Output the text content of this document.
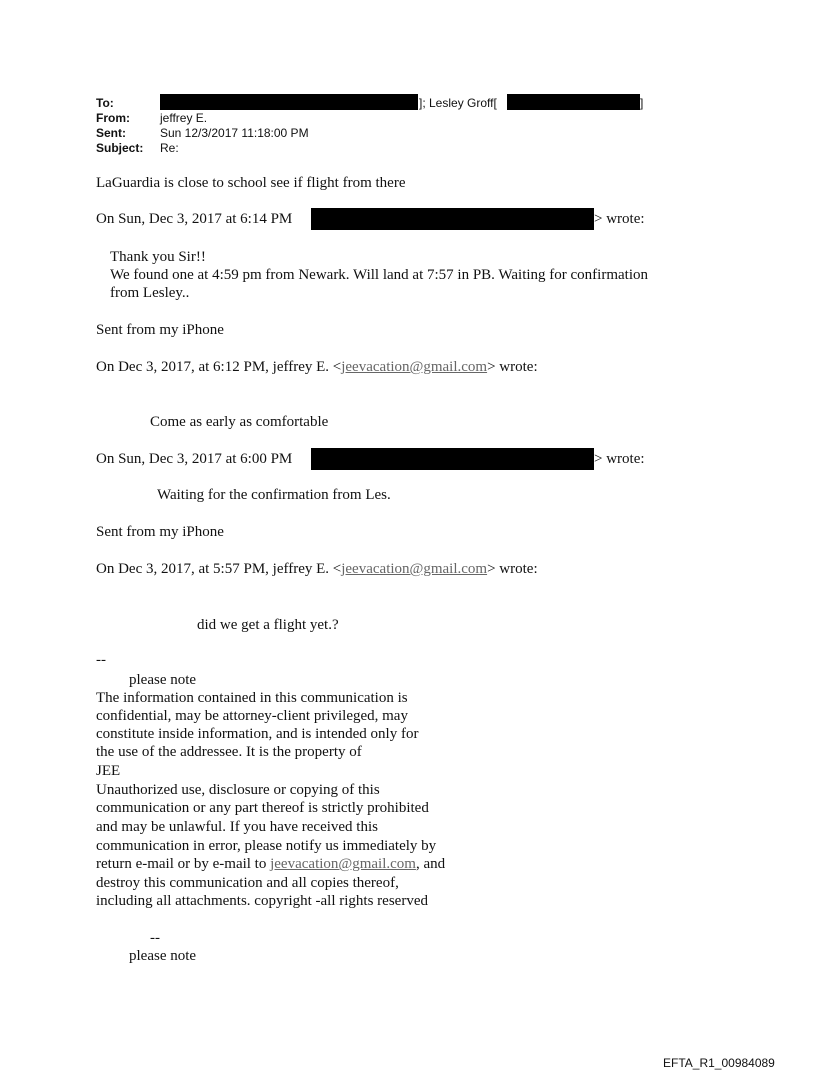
To:	]; Lesley Groff[	]
From:	jeffrey E.
Sent:	Sun 12/3/2017 11:18:00 PM
Subject: Re:
LaGuardia is close to school see if flight from there
On Sun, Dec 3, 2017 at 6:14 PM	> wrote:
Thank you Sir!!
We found one at 4:59 pm from Newark. Will land at 7:57 in PB. Waiting for confirmation
from Lesley..
Sent from my iPhone
On Dec 3, 2017, at 6:12 PM, jeffrey E. <jeevacation@gmail.com> wrote:
Come as early as comfortable
On Sun, Dec 3, 2017 at 6:00 PM	> wrote:
Waiting for the confirmation from Les.
Sent from my iPhone
On Dec 3, 2017, at 5:57 PM, jeffrey E. <jeevacation@gmail.com> wrote:
did we get a flight yet.?
--
please note
The information contained in this communication is
confidential, may be attorney-client privileged, may
constitute inside information, and is intended only for
the use of the addressee. It is the property of
JEE
Unauthorized use, disclosure or copying of this
communication or any part thereof is strictly prohibited
and may be unlawful. If you have received this
communication in error, please notify us immediately by
return e-mail or by e-mail to jeevacation@gmail.com, and
destroy this communication and all copies thereof,
including all attachments. copyright -all rights reserved
--
please note
EFTA_R1_00984089
